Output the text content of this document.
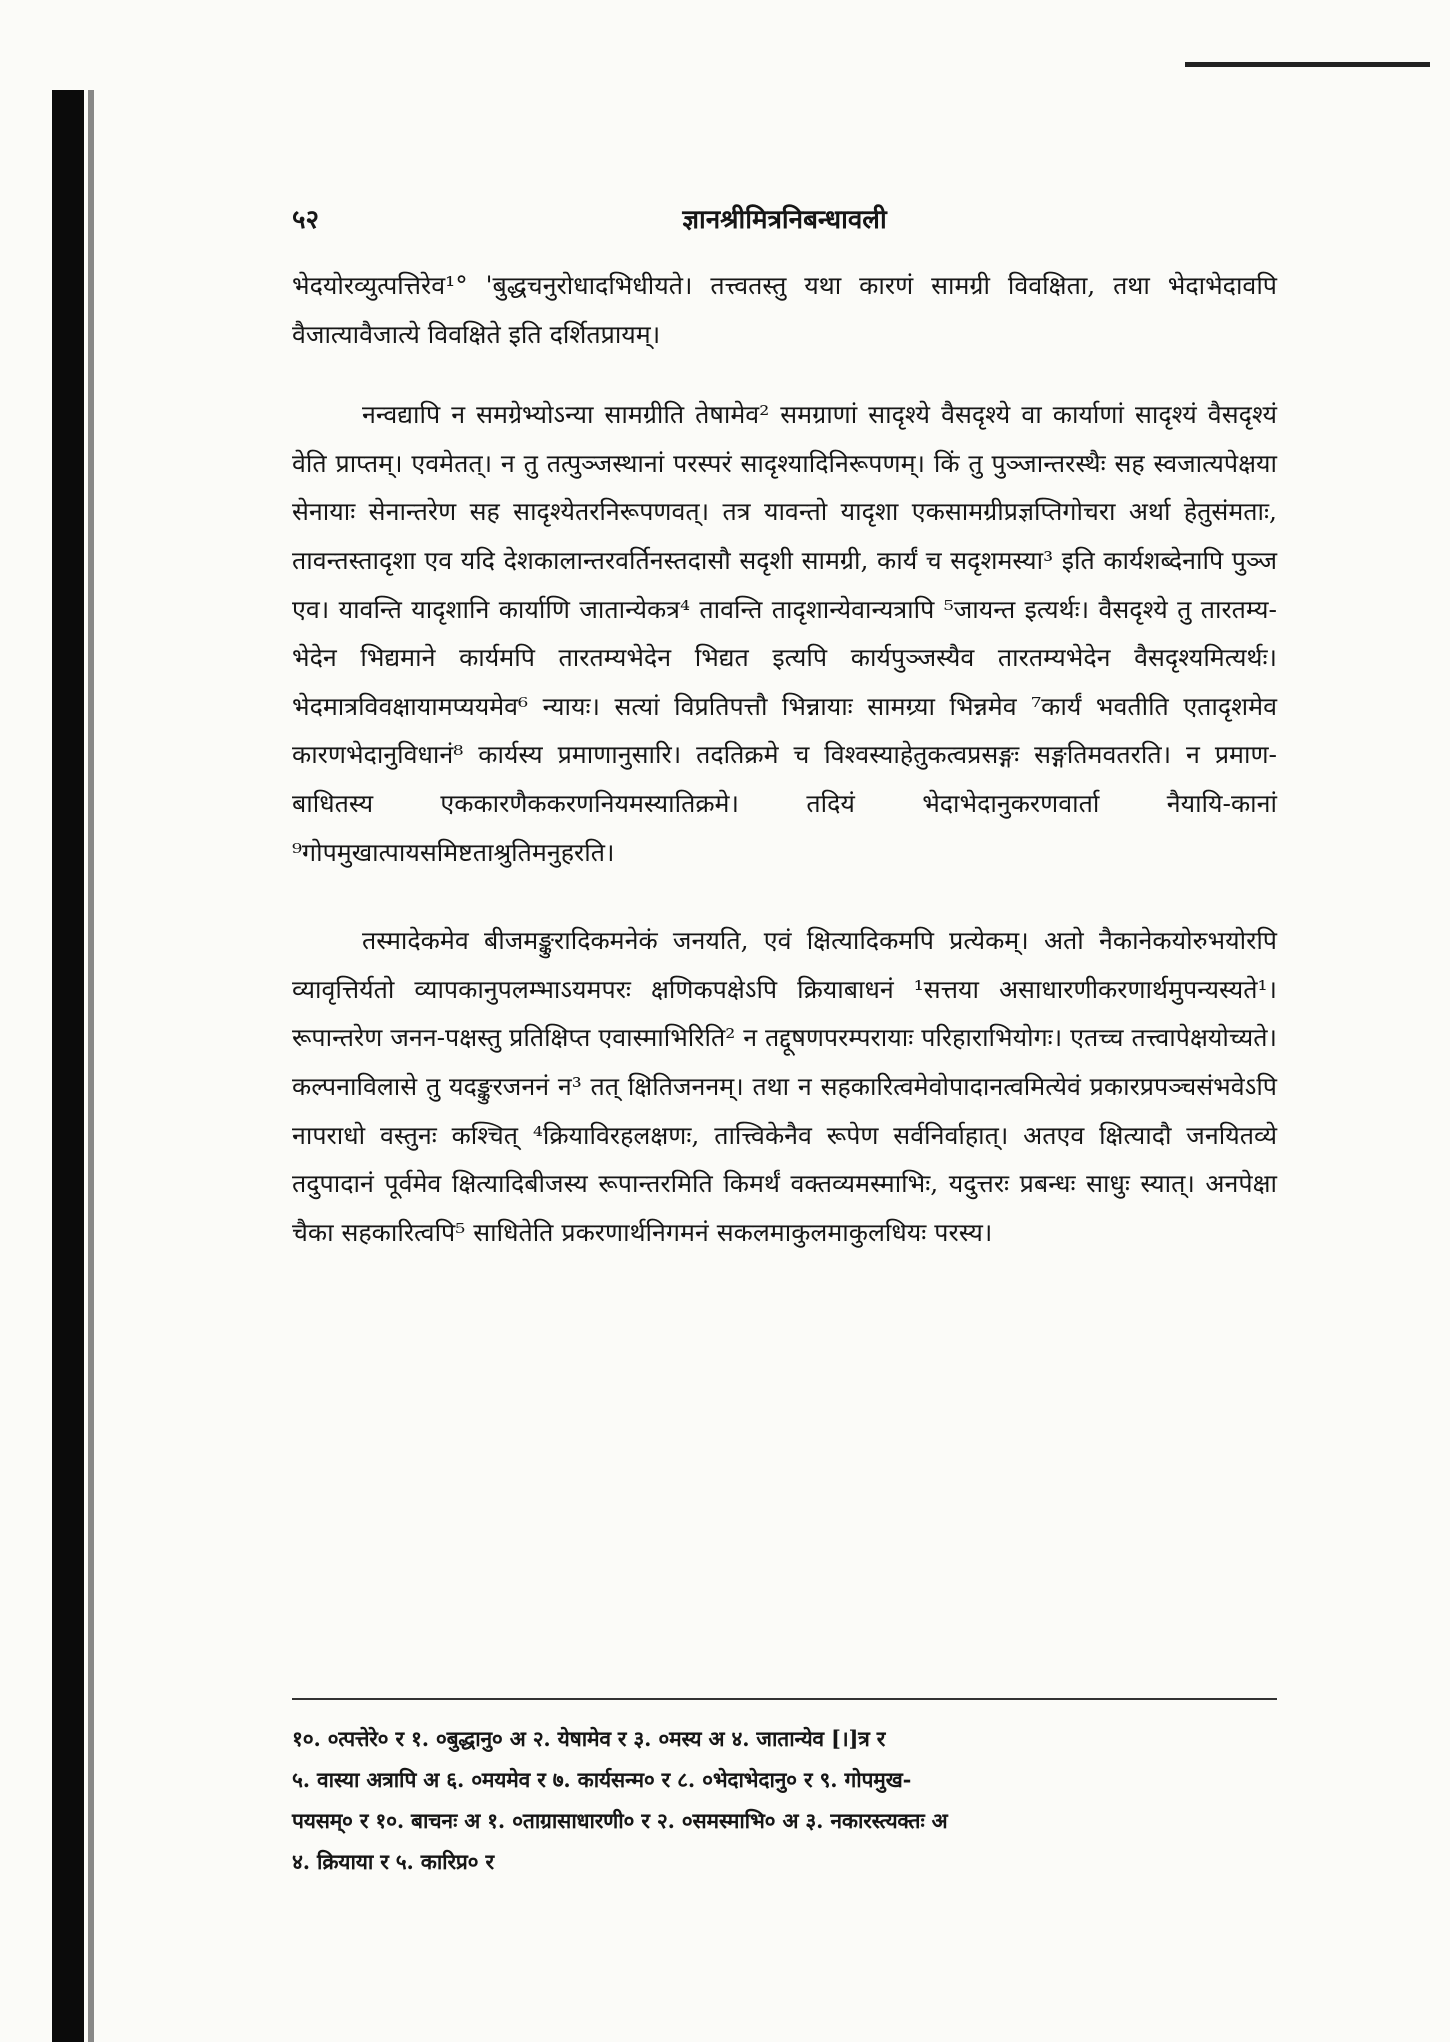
५२	ज्ञानश्रीमित्रनिबन्धावली

भेदयोरव्युत्पत्तिरेव¹° 'बुद्धचनुरोधादभिधीयते। तत्त्वतस्तु यथा कारणं सामग्री विवक्षिता, तथा भेदाभेदावपि वैजात्यावैजात्ये विवक्षिते इति दर्शितप्रायम्।

नन्वद्यापि न समग्रेभ्योऽन्या सामग्रीति तेषामेव² समग्राणां सादृश्ये वैसदृश्ये वा कार्याणां सादृश्यं वैसदृश्यं वेति प्राप्तम्। एवमेतत्। न तु तत्पुञ्जस्थानां परस्परं सादृश्यादिनिरूपणम्। किं तु पुञ्जान्तरस्थैः सह स्वजात्यपेक्षया सेनायाः सेनान्तरेण सह सादृश्येतरनिरूपणवत्। तत्र यावन्तो यादृशा एकसामग्रीप्रज्ञप्तिगोचरा अर्था हेतुसंमताः, तावन्तस्तादृशा एव यदि देशकालान्तरवर्तिनस्तदासौ सदृशी सामग्री, कार्यं च सदृशमस्या³ इति कार्यशब्देनापि पुञ्ज एव। यावन्ति यादृशानि कार्याणि जातान्येकत्र⁴ तावन्ति तादृशान्येवान्यत्रापि ⁵जायन्त इत्यर्थः। वैसदृश्ये तु तारतम्य-भेदेन भिद्यमाने कार्यमपि तारतम्यभेदेन भिद्यत इत्यपि कार्यपुञ्जस्यैव तारतम्यभेदेन वैसदृश्यमित्यर्थः। भेदमात्रविवक्षायामप्ययमेव⁶ न्यायः। सत्यां विप्रतिपत्तौ भिन्नायाः सामग्र्या भिन्नमेव ⁷कार्यं भवतीति एतादृशमेव कारणभेदानुविधानं⁸ कार्यस्य प्रमाणानुसारि। तदतिक्रमे च विश्वस्याहेतुकत्वप्रसङ्गः सङ्गतिमवतरति। न प्रमाण-बाधितस्य एककारणैककरणनियमस्यातिक्रमे। तदियं भेदाभेदानुकरणवार्ता नैयायि-कानां ⁹गोपमुखात्पायसमिष्टताश्रुतिमनुहरति।

तस्मादेकमेव बीजमङ्कुरादिकमनेकं जनयति, एवं क्षित्यादिकमपि प्रत्येकम्। अतो नैकानेकयोरुभयोरपि व्यावृत्तिर्यतो व्यापकानुपलम्भाऽयमपरः क्षणिकपक्षेऽपि क्रियाबाधनं ¹सत्तया असाधारणीकरणार्थमुपन्यस्यते¹। रूपान्तरेण जनन-पक्षस्तु प्रतिक्षिप्त एवास्माभिरिति² न तद्दूषणपरम्परायाः परिहाराभियोगः। एतच्च तत्त्वापेक्षयोच्यते। कल्पनाविलासे तु यदङ्कुरजननं न³ तत् क्षितिजननम्। तथा न सहकारित्वमेवोपादानत्वमित्येवं प्रकारप्रपञ्चसंभवेऽपि नापराधो वस्तुनः कश्चित् ⁴क्रियाविरहलक्षणः, तात्त्विकेनैव रूपेण सर्वनिर्वाहात्। अतएव क्षित्यादौ जनयितव्ये तदुपादानं पूर्वमेव क्षित्यादिबीजस्य रूपान्तरमिति किमर्थं वक्तव्यमस्माभिः, यदुत्तरः प्रबन्धः साधुः स्यात्। अनपेक्षा चैका सहकारित्वपि⁵ साधितेति प्रकरणार्थनिगमनं सकलमाकुलमाकुलधियः परस्य।

१०. ०त्पत्तेरे० र १. ०बुद्धानु० अ २. येषामेव र ३. ०मस्य अ ४. जातान्येव [।]त्र र

५. वास्या अत्रापि अ ६. ०मयमेव र ७. कार्यसन्म० र ८. ०भेदाभेदानु० र ९. गोपमुख-

पयसम्० र १०. बाचनः अ १. ०ताग्रासाधारणी० र २. ०समस्माभि० अ ३. नकारस्त्यक्तः अ

४. क्रियाया र ५. कारिप्र० र
